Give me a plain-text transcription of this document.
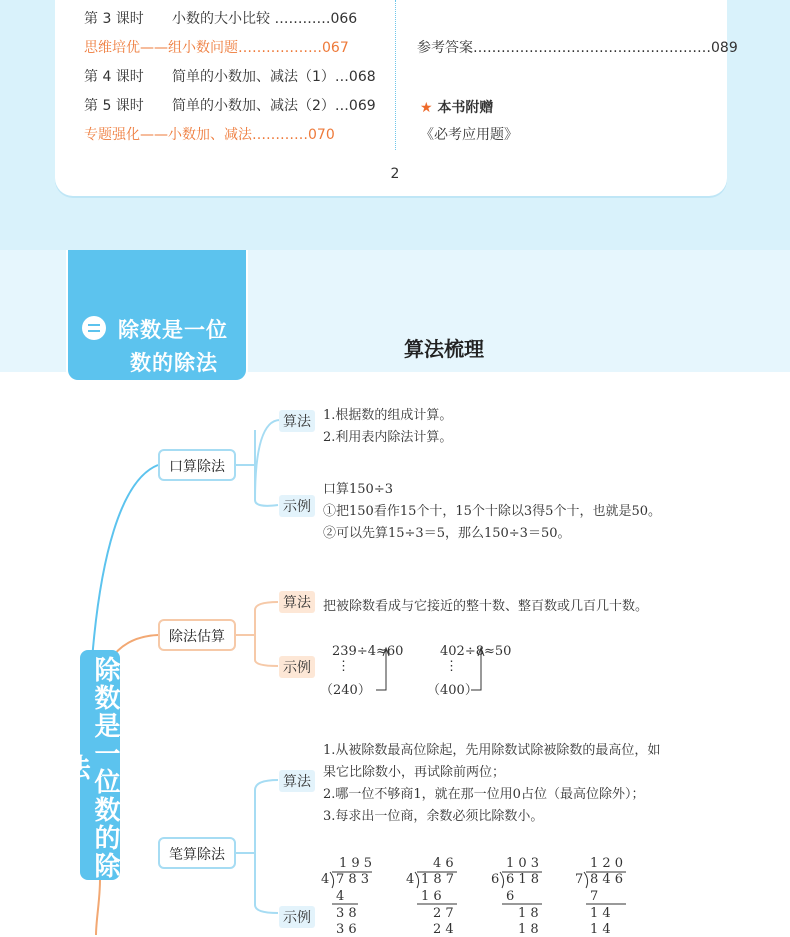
第 3 课时 小数的大小比较 …………066
思维培优——组小数问题………………067
第 4 课时 简单的小数加、减法（1）…068
第 5 课时 简单的小数加、减法（2）…069
专题强化——小数加、减法…………070
参考答案……………………………………………089
★ 本书附赠
《必考应用题》
2
除数是一位
数的除法
算法梳理
除数是一位数的除法
口算除法
算法 1.根据数的组成计算。
2.利用表内除法计算。
示例
口算150÷3
①把150看作15个十，15个十除以3得5个十，也就是50。
②可以先算15÷3＝5，那么150÷3＝50。
除法估算
算法 把被除数看成与它接近的整十数、整百数或几百几十数。
示例
239÷4≈60
⋮
（240）
402÷8≈50
⋮
（400）
笔算除法
算法
1.从被除数最高位除起，先用除数试除被除数的最高位，如
果它比除数小，再试除前两位；
2.哪一位不够商1，就在那一位用0占位（最高位除外）；
3.每求出一位商，余数必须比除数小。
示例
1 9 5
4 7 8 3
4
3 8
3 6
4 6
4 1 8 7
1 6
2 7
2 4
1 0 3
6 6 1 8
6
1 8
1 8
1 2 0
7 8 4 6
7
1 4
1 4
